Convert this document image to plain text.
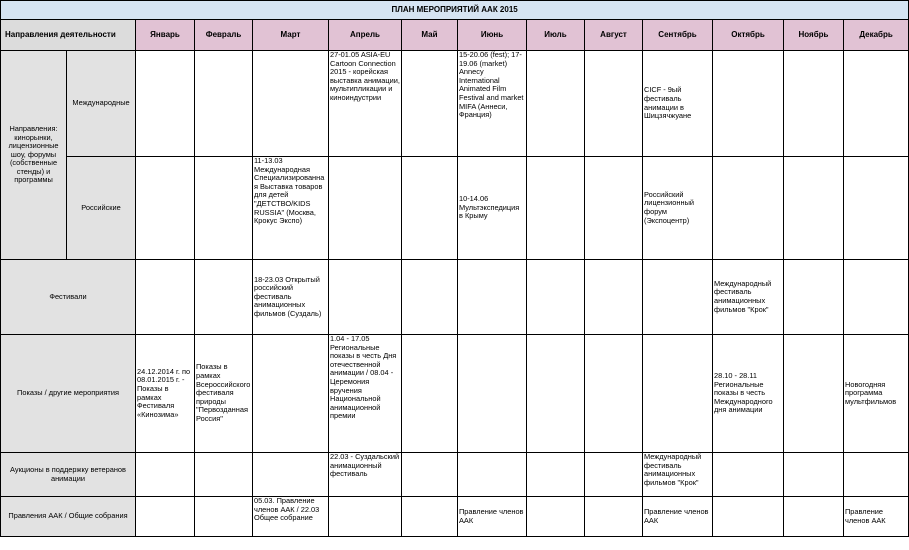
ПЛАН МЕРОПРИЯТИЙ ААК 2015													
Направления деятельности		Январь	Февраль	Март	Апрель	Май	Июнь	Июль	Август	Сентябрь	Октябрь	Ноябрь	Декабрь
Направления: кинорынки, лицензионные шоу, форумы (собственные стенды) и программы	Международные				27-01.05 ASIA-EU Cartoon Connection 2015 - корейская выставка анимации, мультипликации и киноиндустрии		15-20.06 (fest); 17-19.06 (market) Annecy International Animated Film Festival and market MIFA (Аннеси, Франция)			CICF - 9ый фестиваль анимации в Шицзячжуане			
	Российские			11-13.03 Международная Специализированная Выставка товаров для детей "ДЕТСТВО/KIDS RUSSIA" (Москва, Крокус Экспо)			10-14.06 Мультэкспедиция в Крыму			Российский лицензионный форум (Экспоцентр)			
Фестивали				18-23.03 Открытый российский фестиваль анимационных фильмов (Суздаль)							Международный фестиваль анимационных фильмов "Крок"		
Показы / другие мероприятия		24.12.2014 г. по 08.01.2015 г. - Показы в рамках Фестиваля «Кинозима»	Показы в рамках Всероссийского фестиваля природы "Первозданная Россия"		1.04 - 17.05 Региональные показы в честь Дня отечественной анимации / 08.04 - Церемония вручения Национальной анимационной премии						28.10 - 28.11 Региональные показы в честь Международного дня анимации		Новогодняя программа мультфильмов
Аукционы в поддержку ветеранов анимации					22.03 - Суздальский анимационный фестиваль					Международный фестиваль анимационных фильмов "Крок"			
Правления ААК / Общие собрания				05.03. Правление членов ААК / 22.03 Общее собрание			Правление членов ААК			Правление членов ААК			Правление членов ААК
